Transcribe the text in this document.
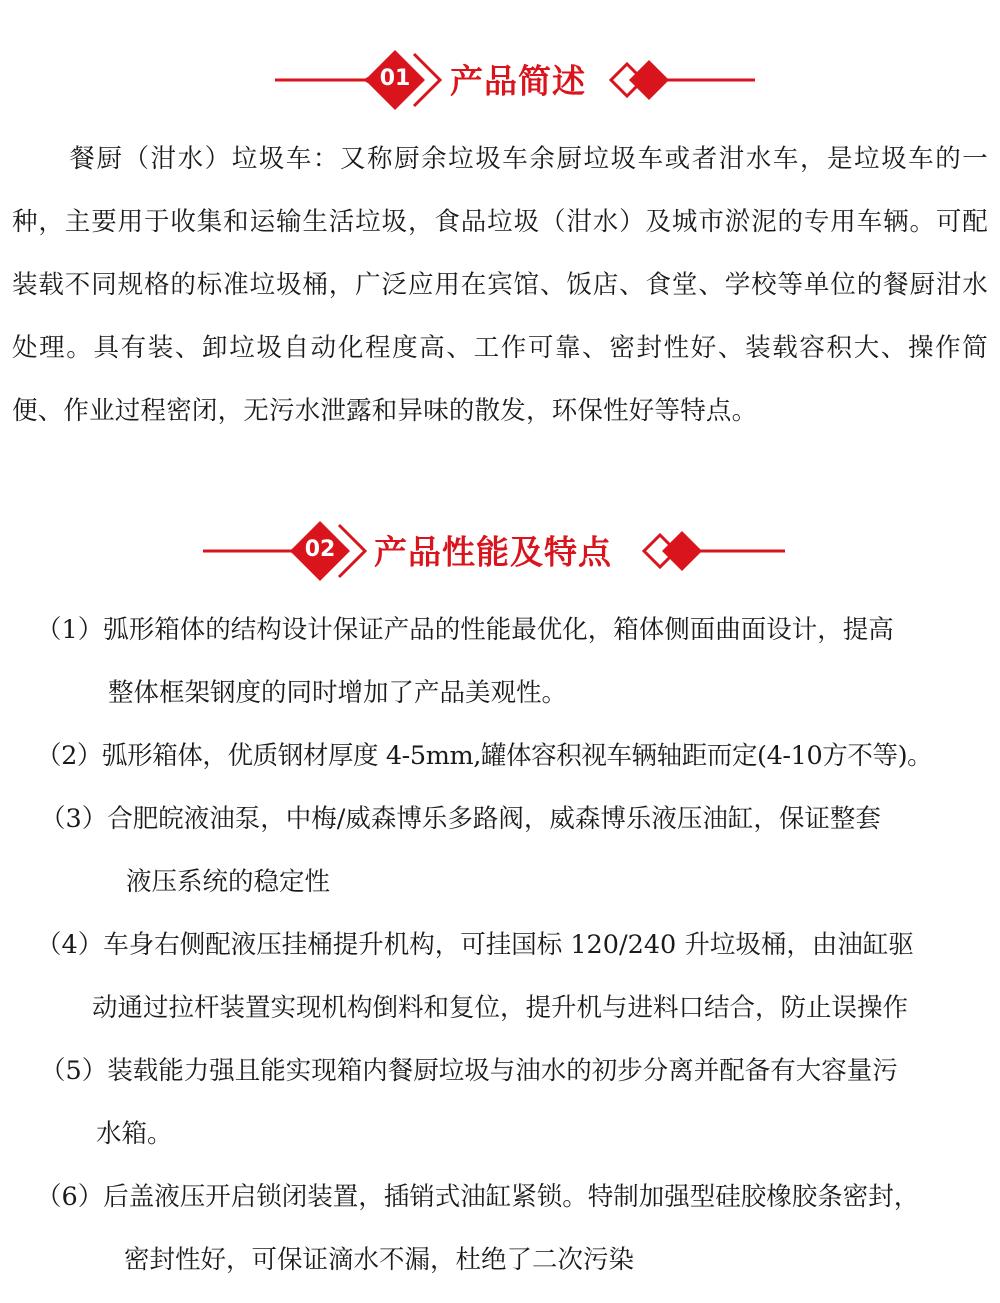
01 产品简述
餐厨（泔水）垃圾车：又称厨余垃圾车余厨垃圾车或者泔水车，是垃圾车的一种，主要用于收集和运输生活垃圾，食品垃圾（泔水）及城市淤泥的专用车辆。可配装载不同规格的标准垃圾桶，广泛应用在宾馆、饭店、食堂、学校等单位的餐厨泔水处理。具有装、卸垃圾自动化程度高、工作可靠、密封性好、装载容积大、操作简便、作业过程密闭，无污水泄露和异味的散发，环保性好等特点。
02 产品性能及特点
（1）弧形箱体的结构设计保证产品的性能最优化，箱体侧面曲面设计，提高
整体框架钢度的同时增加了产品美观性。
（2）弧形箱体，优质钢材厚度 4-5mm,罐体容积视车辆轴距而定(4-10方不等)。
（3）合肥皖液油泵，中梅/威森博乐多路阀，威森博乐液压油缸，保证整套
液压系统的稳定性
（4）车身右侧配液压挂桶提升机构，可挂国标 120/240 升垃圾桶，由油缸驱
动通过拉杆装置实现机构倒料和复位，提升机与进料口结合，防止误操作
（5）装载能力强且能实现箱内餐厨垃圾与油水的初步分离并配备有大容量污
水箱。
（6）后盖液压开启锁闭装置，插销式油缸紧锁。特制加强型硅胶橡胶条密封，
密封性好，可保证滴水不漏，杜绝了二次污染
